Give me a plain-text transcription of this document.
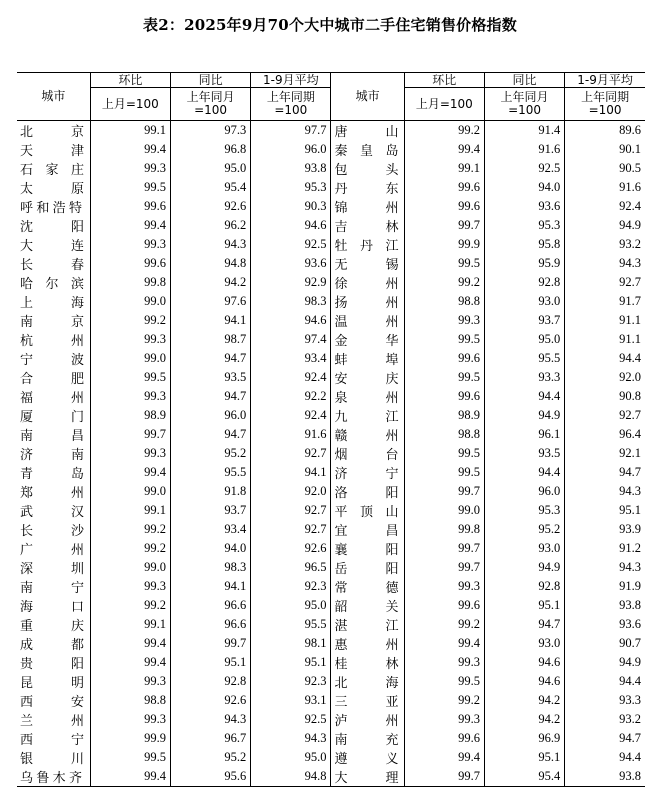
表2：2025年9月70个大中城市二手住宅销售价格指数
城市	环比	同比	1-9月平均	城市	环比	同比	1-9月平均
	上月=100	上年同月=100	上年同期=100		上月=100	上年同月=100	上年同期=100

北 京	99.1	97.3	97.7	唐 山	99.2	91.4	89.6

天 津	99.4	96.8	96.0	秦 皇 岛	99.4	91.6	90.1

石 家 庄	99.3	95.0	93.8	包 头	99.1	92.5	90.5

太 原	99.5	95.4	95.3	丹 东	99.6	94.0	91.6

呼 和 浩 特	99.6	92.6	90.3	锦 州	99.6	93.6	92.4

沈 阳	99.4	96.2	94.6	吉 林	99.7	95.3	94.9

大 连	99.3	94.3	92.5	牡 丹 江	99.9	95.8	93.2

长 春	99.6	94.8	93.6	无 锡	99.5	95.9	94.3

哈 尔 滨	99.8	94.2	92.9	徐 州	99.2	92.8	92.7

上 海	99.0	97.6	98.3	扬 州	98.8	93.0	91.7

南 京	99.2	94.1	94.6	温 州	99.3	93.7	91.1

杭 州	99.3	98.7	97.4	金 华	99.5	95.0	91.1

宁 波	99.0	94.7	93.4	蚌 埠	99.6	95.5	94.4

合 肥	99.5	93.5	92.4	安 庆	99.5	93.3	92.0

福 州	99.3	94.7	92.2	泉 州	99.6	94.4	90.8

厦 门	98.9	96.0	92.4	九 江	98.9	94.9	92.7

南 昌	99.7	94.7	91.6	赣 州	98.8	96.1	96.4

济 南	99.3	95.2	92.7	烟 台	99.5	93.5	92.1

青 岛	99.4	95.5	94.1	济 宁	99.5	94.4	94.7

郑 州	99.0	91.8	92.0	洛 阳	99.7	96.0	94.3

武 汉	99.1	93.7	92.7	平 顶 山	99.0	95.3	95.1

长 沙	99.2	93.4	92.7	宜 昌	99.8	95.2	93.9

广 州	99.2	94.0	92.6	襄 阳	99.7	93.0	91.2

深 圳	99.0	98.3	96.5	岳 阳	99.7	94.9	94.3

南 宁	99.3	94.1	92.3	常 德	99.3	92.8	91.9

海 口	99.2	96.6	95.0	韶 关	99.6	95.1	93.8

重 庆	99.1	96.6	95.5	湛 江	99.2	94.7	93.6

成 都	99.4	99.7	98.1	惠 州	99.4	93.0	90.7

贵 阳	99.4	95.1	95.1	桂 林	99.3	94.6	94.9

昆 明	99.3	92.8	92.3	北 海	99.5	94.6	94.4

西 安	98.8	92.6	93.1	三 亚	99.2	94.2	93.3

兰 州	99.3	94.3	92.5	泸 州	99.3	94.2	93.2

西 宁	99.9	96.7	94.3	南 充	99.6	96.9	94.7

银 川	99.5	95.2	95.0	遵 义	99.4	95.1	94.4

乌 鲁 木 齐	99.4	95.6	94.8	大 理	99.7	95.4	93.8
